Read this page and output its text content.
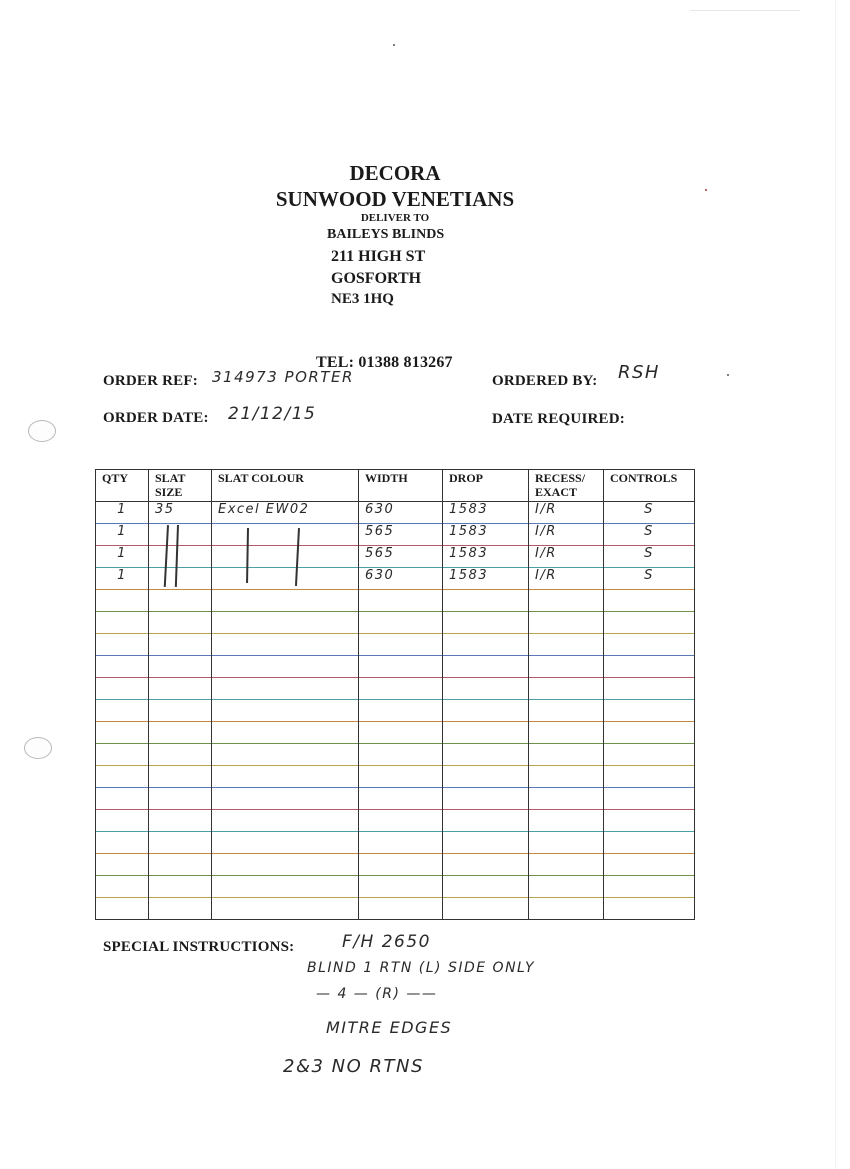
DECORA
SUNWOOD VENETIANS
DELIVER TO
BAILEYS BLINDS
211 HIGH ST
GOSFORTH
NE3 1HQ
TEL: 01388 813267
ORDER REF: 314973 PORTER	ORDERED BY: RSH
ORDER DATE: 21/12/15	DATE REQUIRED:
QTY	SLAT SIZE	SLAT COLOUR	WIDTH	DROP	RECESS/ EXACT	CONTROLS
1	35	Excel EW02	630	1583	I/R	S
1			565	1583	I/R	S
1			565	1583	I/R	S
1			630	1583	I/R	S

SPECIAL INSTRUCTIONS:	F/H 2650
BLIND 1 RTN (L) SIDE ONLY
— 4 — (R) ——
MITRE EDGES
2&3 NO RTNS
